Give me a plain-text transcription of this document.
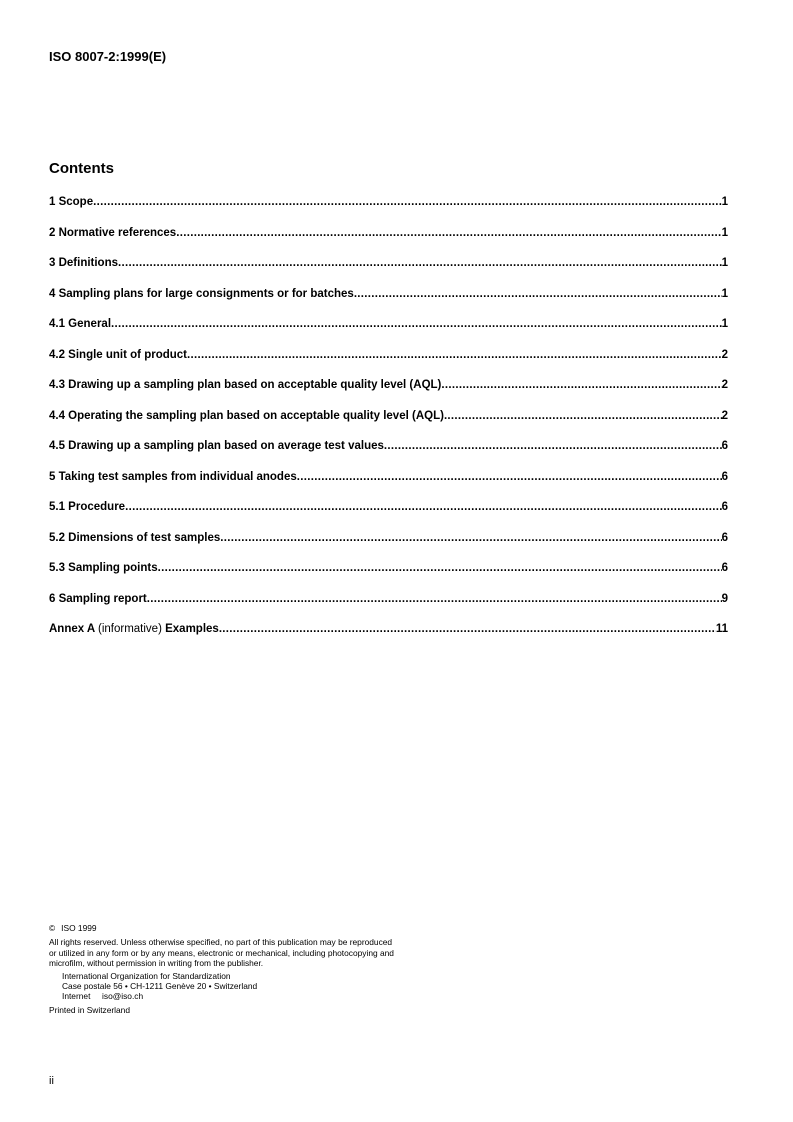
ISO 8007-2:1999(E)
Contents
1 Scope .....	1
2 Normative references .....	1
3 Definitions .....	1
4 Sampling plans for large consignments or for batches .....	1
4.1 General .....	1
4.2 Single unit of product .....	2
4.3 Drawing up a sampling plan based on acceptable quality level (AQL) .....	2
4.4 Operating the sampling plan based on acceptable quality level (AQL) .....	2
4.5 Drawing up a sampling plan based on average test values .....	6
5 Taking test samples from individual anodes .....	6
5.1 Procedure .....	6
5.2 Dimensions of test samples .....	6
5.3 Sampling points .....	6
6 Sampling report .....	9
Annex A (informative) Examples .....	11
© ISO 1999
All rights reserved. Unless otherwise specified, no part of this publication may be reproduced
or utilized in any form or by any means, electronic or mechanical, including photocopying and
microfilm, without permission in writing from the publisher.
International Organization for Standardization
Case postale 56 • CH-1211 Genève 20 • Switzerland
Internet     iso@iso.ch
Printed in Switzerland
ii
